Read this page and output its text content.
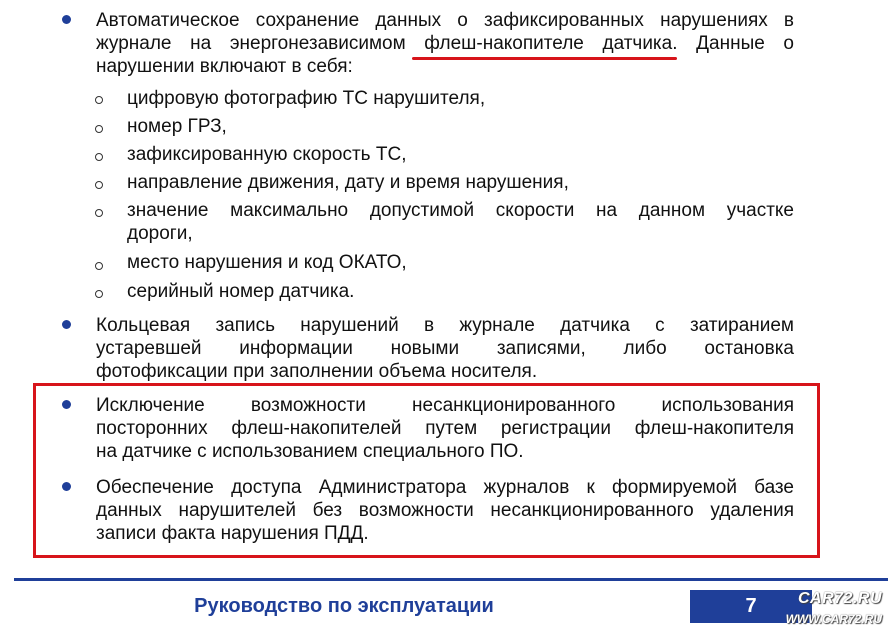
Автоматическое сохранение данных о зафиксированных нарушениях в
журнале на энергонезависимом флеш-накопителе датчика. Данные о
нарушении включают в себя:
цифровую фотографию ТС нарушителя,
номер ГРЗ,
зафиксированную скорость ТС,
направление движения, дату и время нарушения,
значение максимально допустимой скорости на данном участке
дороги,
место нарушения и код ОКАТО,
серийный номер датчика.
Кольцевая запись нарушений в журнале датчика с затиранием
устаревшей информации новыми записями, либо остановка
фотофиксации при заполнении объема носителя.
Исключение возможности несанкционированного использования
посторонних флеш-накопителей путем регистрации флеш-накопителя
на датчике с использованием специального ПО.
Обеспечение доступа Администратора журналов к формируемой базе
данных нарушителей без возможности несанкционированного удаления
записи факта нарушения ПДД.
Руководство по эксплуатации	7	CAR72.RU
WWW.CAR72.RU
